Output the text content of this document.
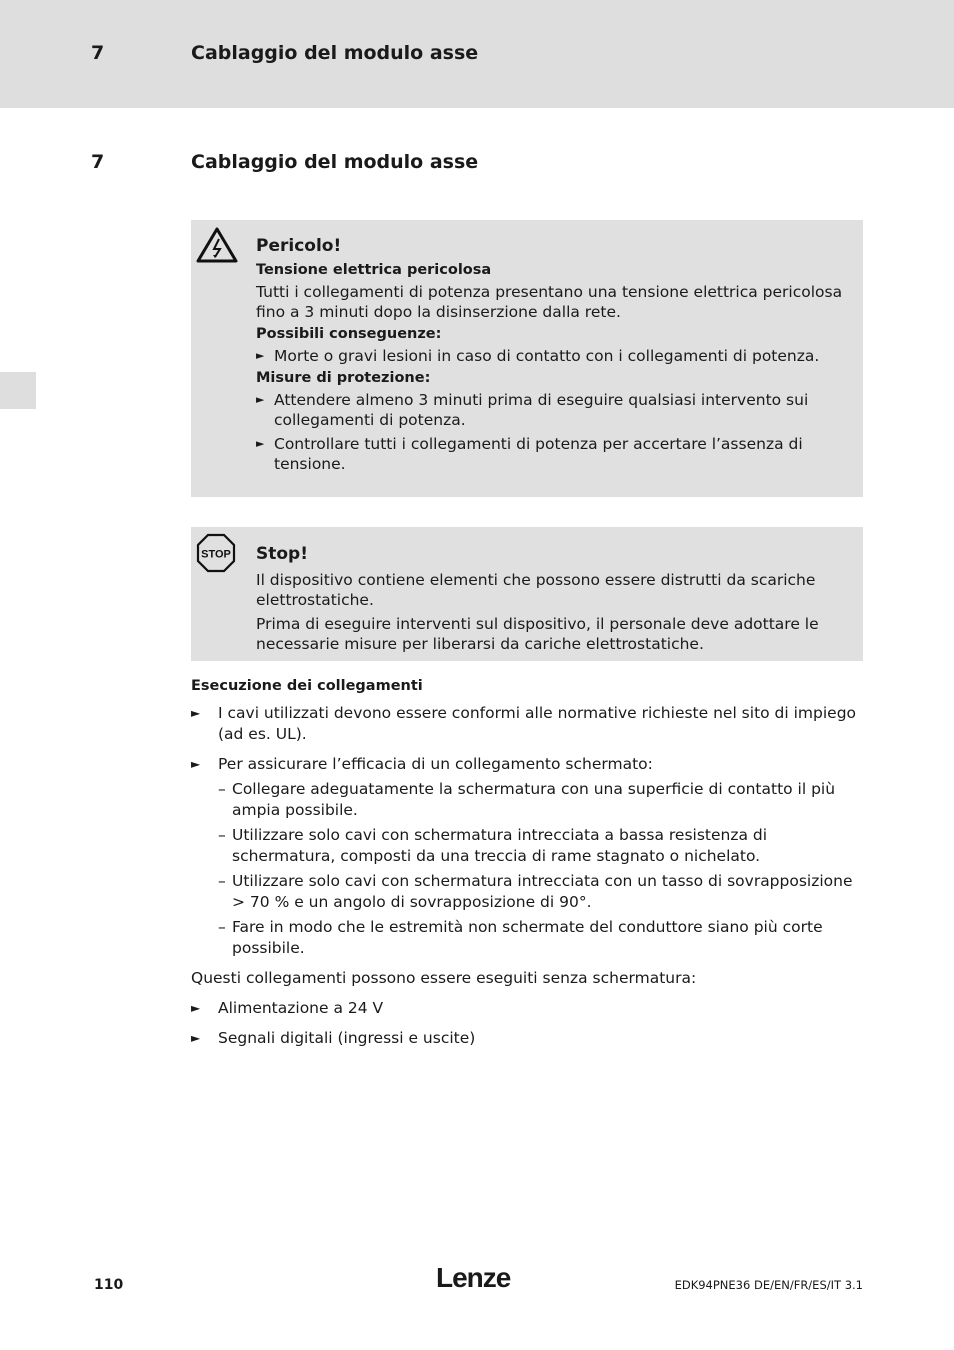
7	Cablaggio del modulo asse
7	Cablaggio del modulo asse
Pericolo!
Tensione elettrica pericolosa

Tutti i collegamenti di potenza presentano una tensione elettrica pericolosa fino a 3 minuti dopo la disinserzione dalla rete.

Possibili conseguenze:
► Morte o gravi lesioni in caso di contatto con i collegamenti di potenza.
Misure di protezione:
► Attendere almeno 3 minuti prima di eseguire qualsiasi intervento sui collegamenti di potenza.
► Controllare tutti i collegamenti di potenza per accertare l’assenza di tensione.
STOP Stop!

Il dispositivo contiene elementi che possono essere distrutti da scariche elettrostatiche.

Prima di eseguire interventi sul dispositivo, il personale deve adottare le necessarie misure per liberarsi da cariche elettrostatiche.

Esecuzione dei collegamenti
► I cavi utilizzati devono essere conformi alle normative richieste nel sito di impiego (ad es. UL).
► Per assicurare l’efficacia di un collegamento schermato:
– Collegare adeguatamente la schermatura con una superficie di contatto il più ampia possibile.
– Utilizzare solo cavi con schermatura intrecciata a bassa resistenza di schermatura, composti da una treccia di rame stagnato o nichelato.
– Utilizzare solo cavi con schermatura intrecciata con un tasso di sovrapposizione > 70 % e un angolo di sovrapposizione di 90°.
– Fare in modo che le estremità non schermate del conduttore siano più corte possibile.
Questi collegamenti possono essere eseguiti senza schermatura:
► Alimentazione a 24 V
► Segnali digitali (ingressi e uscite)
110	Lenze	EDK94PNE36 DE/EN/FR/ES/IT 3.1
